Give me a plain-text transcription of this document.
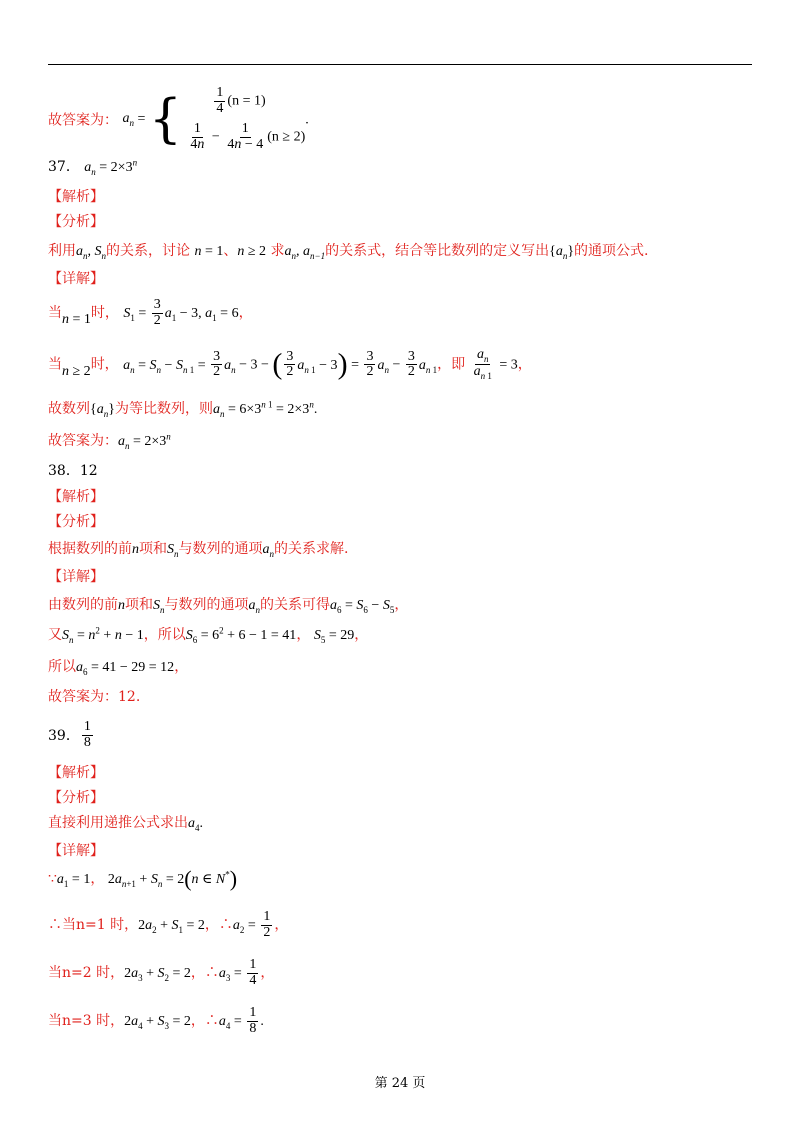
故答案为： $a_n$ = { $\frac{1}{4} (n = 1)$
$\frac{1}{4n} - \frac{1}{4n - 4} (n \ge 2)$
.
37． $a_n = 2\times 3^n$
【解析】
【分析】
利用$a_n$, $S_n$的关系，讨论 n = 1、n ≥ 2 求$a_n$, $a_{n-1}$的关系式，结合等比数列的定义写出$\{a_n\}$的通项公式.
【详解】
当n = 1时， $S_1 = \frac{3}{2} a_1 - 3$, $a_1 = 6$，
当n ≥ 2时， $a_n = S_n - S_{n 1} = \frac{3}{2} a_n - 3$ − ( $\frac{3}{2} a_{n 1} - 3) = \frac{3}{2} a_n - \frac{3}{2} a_{n 1}$，即 $\frac{a_n}{a_{n 1}} = 3$，
故数列$\{a_n\}$为等比数列，则$a_n = 6\times 3^{n 1} = 2\times 3^n$.
故答案为：$a_n = 2\times 3^n$
38．12
【解析】
【分析】
根据数列的前n项和$S_n$与数列的通项$a_n$的关系求解.
【详解】
由数列的前n项和$S_n$与数列的通项$a_n$的关系可得$a_6 = S_6 - S_5$，
又$S_n = n^2 + n - 1$，所以$S_6 = 6^2 + 6 - 1 = 41$， $S_5 = 29$，
所以$a_6 = 41 - 29 = 12$，
故答案为：12.
39． $\frac{1}{8}$
【解析】
【分析】
直接利用递推公式求出$a_4$.
【详解】
$\because a_1 = 1$， $2a_{n+1} + S_n = 2(n$ ∈ N*)
∴当n=1 时，$2a_2 + S_1 = 2$，$\therefore a_2 = \frac{1}{2}$ ，
当n=2 时，$2a_3 + S_2 = 2$，$\therefore a_3 = \frac{1}{4}$ ，
当n=3 时，$2a_4 + S_3 = 2$，$\therefore a_4 = \frac{1}{8}$ .
第 24 页
